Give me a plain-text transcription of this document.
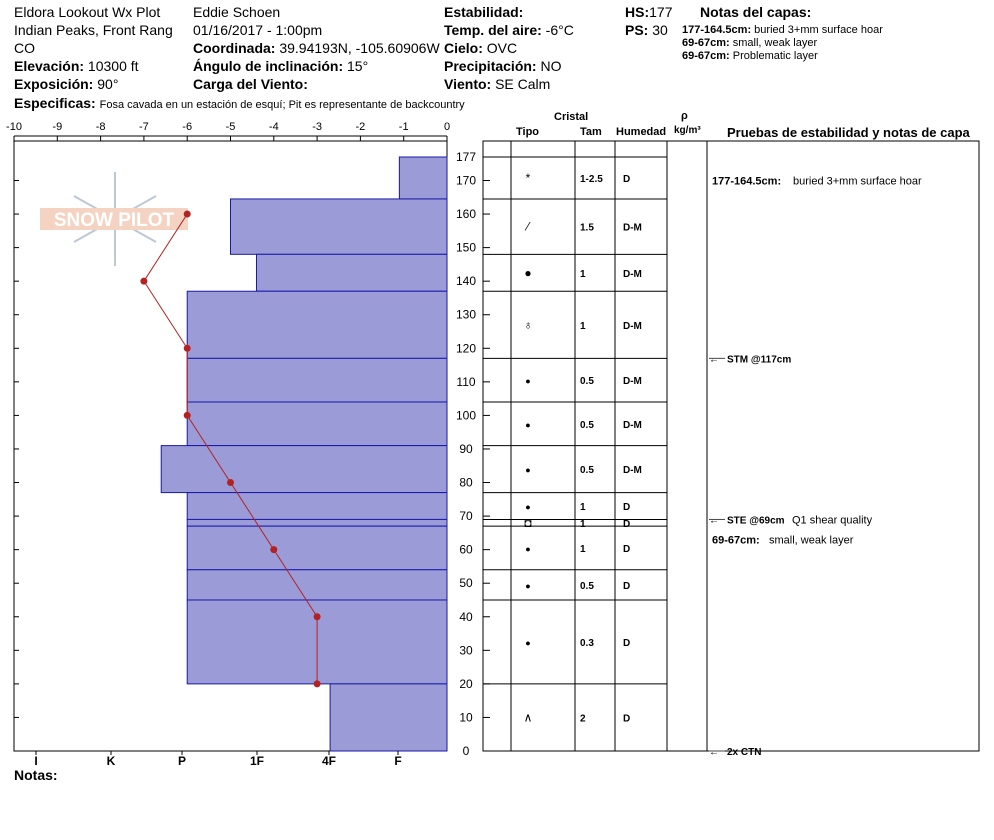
Eldora Lookout Wx Plot
Indian Peaks, Front Rang
CO
Elevación: 10300 ft
Exposición: 90°
Especificas: Fosa cavada en un estación de esquí; Pit es representante de backcountry
Eddie Schoen
01/16/2017 - 1:00pm
Coordinada: 39.94193N, -105.60906W
Ángulo de inclinación: 15°
Carga del Viento:
Estabilidad:
Temp. del aire: -6°C
Cielo: OVC
Precipitación: NO
Viento: SE Calm
HS:177
PS: 30
Notas del capas:
177-164.5cm: buried 3+mm surface hoar
69-67cm: small, weak layer
69-67cm: Problematic layer
Cristal
Tipo	Tam Humedad
ρ
kg/m³ Pruebas de estabilidad y notas de capa
Notas:
SNOW PILOT
-10	-9	-8	-7	-6	-5	-4	-3	-2	-1	0
I	K	P	1F	4F	F
0
10
20
30
40
50
60
70
80
90
100
110
120
130
140
150
160
170
177
*	1-2.5 D
⁄	1.5	D-M
●	1	D-M
♁	1	D-M
●	0.5	D-M
●	0.5	D-M
●	0.5	D-M
●	1	D
◘	1	D
●	1	D
●	0.5	D
●	0.3	D
∧	2	D
← STM @117cm
← STE @69cm Q1 shear quality
← 2x CTN
177-164.5cm: buried 3+mm surface hoar
69-67cm: small, weak layer
